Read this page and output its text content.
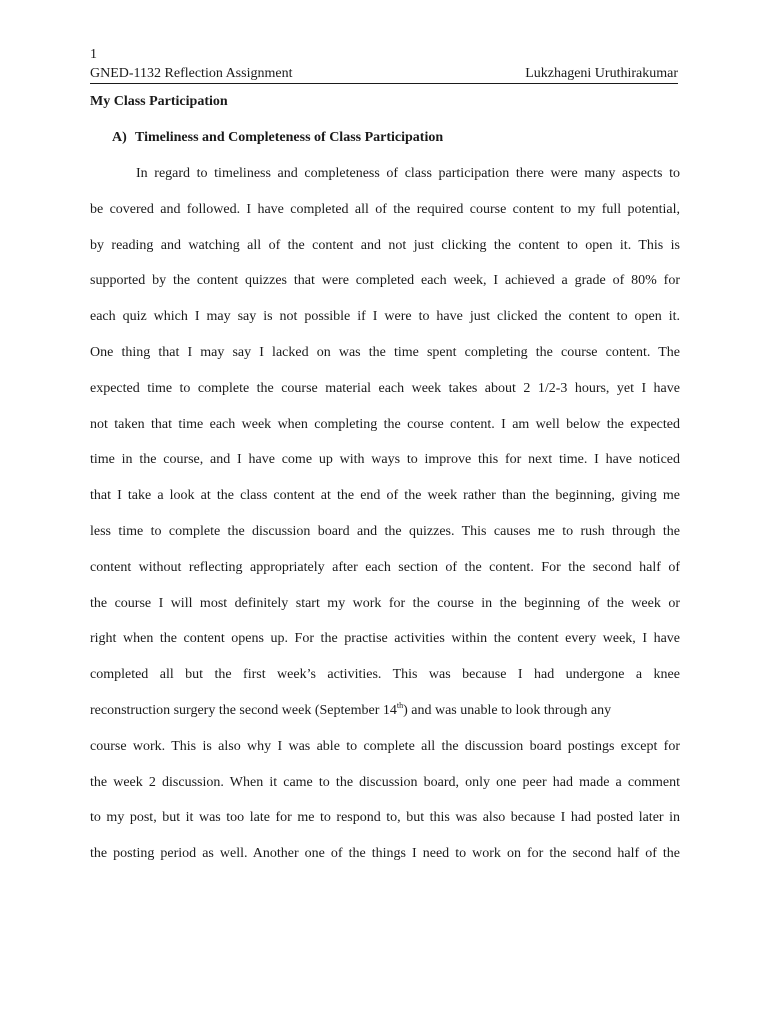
1
GNED-1132 Reflection Assignment	Lukzhageni Uruthirakumar
My Class Participation
A) Timeliness and Completeness of Class Participation
In regard to timeliness and completeness of class participation there were many aspects to
be covered and followed. I have completed all of the required course content to my full potential,
by reading and watching all of the content and not just clicking the content to open it. This is
supported by the content quizzes that were completed each week, I achieved a grade of 80% for
each quiz which I may say is not possible if I were to have just clicked the content to open it.
One thing that I may say I lacked on was the time spent completing the course content. The
expected time to complete the course material each week takes about 2 1/2-3 hours, yet I have
not taken that time each week when completing the course content. I am well below the expected
time in the course, and I have come up with ways to improve this for next time. I have noticed
that I take a look at the class content at the end of the week rather than the beginning, giving me
less time to complete the discussion board and the quizzes. This causes me to rush through the
content without reflecting appropriately after each section of the content. For the second half of
the course I will most definitely start my work for the course in the beginning of the week or
right when the content opens up. For the practise activities within the content every week, I have
completed all but the first week’s activities. This was because I had undergone a knee
reconstruction surgery the second week (September 14th) and was unable to look through any
course work. This is also why I was able to complete all the discussion board postings except for
the week 2 discussion. When it came to the discussion board, only one peer had made a comment
to my post, but it was too late for me to respond to, but this was also because I had posted later in
the posting period as well. Another one of the things I need to work on for the second half of the
